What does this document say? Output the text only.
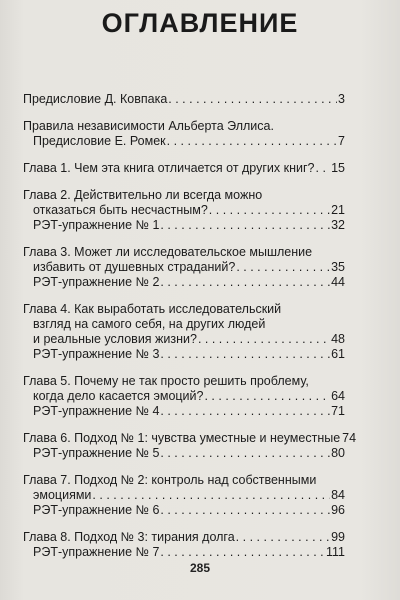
ОГЛАВЛЕНИЕ
Предисловие Д. Ковпака . . .	3
Правила независимости Альберта Эллиса.
Предисловие Е. Ромек . . .	7
Глава 1. Чем эта книга отличается от других книг? . . . 15
Глава 2. Действительно ли всегда можно
отказаться быть несчастным? . . .	21
РЭТ-упражнение № 1 . . .	32
Глава 3. Может ли исследовательское мышление
избавить от душевных страданий? . . .	35
РЭТ-упражнение № 2 . . .	44
Глава 4. Как выработать исследовательский
взгляд на самого себя, на других людей
и реальные условия жизни? . . .	48
РЭТ-упражнение № 3 . . .	61
Глава 5. Почему не так просто решить проблему,
когда дело касается эмоций? . . .	64
РЭТ-упражнение № 4 . . .	71
Глава 6. Подход № 1: чувства уместные и неуместные 74
РЭТ-упражнение № 5 . . .	80
Глава 7. Подход № 2: контроль над собственными
эмоциями . . .	84
РЭТ-упражнение № 6 . . .	96
Глава 8. Подход № 3: тирания долга . . .	99
РЭТ-упражнение № 7 . . .	111
285
